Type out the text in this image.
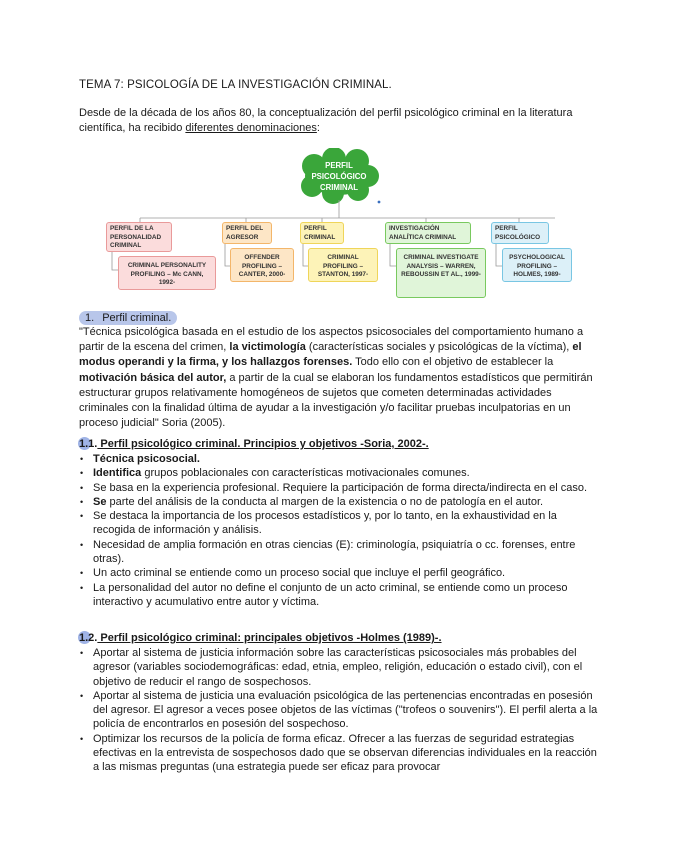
TEMA 7: PSICOLOGÍA DE LA INVESTIGACIÓN CRIMINAL.
Desde de la década de los años 80, la conceptualización del perfil psicológico criminal en la literatura científica, ha recibido diferentes denominaciones:
PERFIL PSICOLÓGICO CRIMINAL
PERFIL DE LA PERSONALIDAD CRIMINAL
PERFIL DEL AGRESOR
PERFIL CRIMINAL
INVESTIGACIÓN ANALÍTICA CRIMINAL
PERFIL PSICOLÓGICO
CRIMINAL PERSONALITY PROFILING – Mc CANN, 1992-
OFFENDER PROFILING – CANTER, 2000-
CRIMINAL PROFILING – STANTON, 1997-
CRIMINAL INVESTIGATE ANALYSIS – WARREN, REBOUSSIN ET AL., 1999-
PSYCHOLOGICAL PROFILING – HOLMES, 1989-
1. Perfil criminal.
"Técnica psicológica basada en el estudio de los aspectos psicosociales del comportamiento humano a partir de la escena del crimen, la victimología (características sociales y psicológicas de la víctima), el modus operandi y la firma, y los hallazgos forenses. Todo ello con el objetivo de establecer la motivación básica del autor, a partir de la cual se elaboran los fundamentos estadísticos que permitirán estructurar grupos relativamente homogéneos de sujetos que cometen determinadas actividades criminales con la finalidad última de ayudar a la investigación y/o facilitar pruebas inculpatorias en un proceso judicial" Soria (2005).
1.1. Perfil psicológico criminal. Principios y objetivos -Soria, 2002-.
• Técnica psicosocial.
• Identifica grupos poblacionales con características motivacionales comunes.
• Se basa en la experiencia profesional. Requiere la participación de forma directa/indirecta en el caso.
• Se parte del análisis de la conducta al margen de la existencia o no de patología en el autor.
• Se destaca la importancia de los procesos estadísticos y, por lo tanto, en la exhaustividad en la recogida de información y análisis.
• Necesidad de amplia formación en otras ciencias (E): criminología, psiquiatría o cc. forenses, entre otras).
• Un acto criminal se entiende como un proceso social que incluye el perfil geográfico.
• La personalidad del autor no define el conjunto de un acto criminal, se entiende como un proceso interactivo y acumulativo entre autor y víctima.
1.2. Perfil psicológico criminal: principales objetivos -Holmes (1989)-.
• Aportar al sistema de justicia información sobre las características psicosociales más probables del agresor (variables sociodemográficas: edad, etnia, empleo, religión, educación o estado civil), con el objetivo de reducir el rango de sospechosos.
• Aportar al sistema de justicia una evaluación psicológica de las pertenencias encontradas en posesión del agresor. El agresor a veces posee objetos de las víctimas ("trofeos o souvenirs"). El perfil alerta a la policía de encontrarlos en posesión del sospechoso.
• Optimizar los recursos de la policía de forma eficaz. Ofrecer a las fuerzas de seguridad estrategias efectivas en la entrevista de sospechosos dado que se observan diferencias individuales en la reacción a las mismas preguntas (una estrategia puede ser eficaz para provocar
